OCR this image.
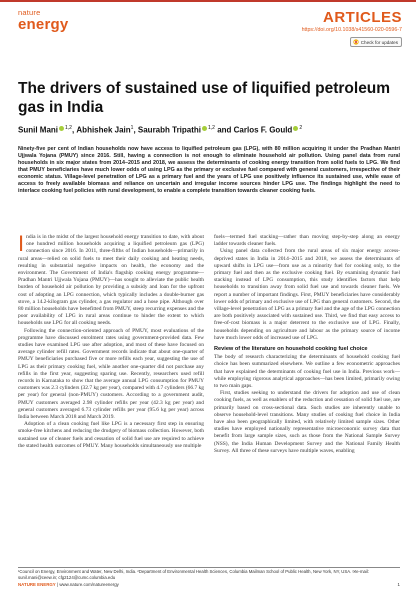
nature
energy	ARTICLES
https://doi.org/10.1038/s41560-020-0596-7
Check for updates
The drivers of sustained use of liquified petroleum gas in India
Sunil Mani $^{1,2}$, Abhishek Jain$^1$, Saurabh Tripathi $^{1,2}$ and Carlos F. Gould $^2$
Ninety-five per cent of Indian households now have access to liquified petroleum gas (LPG), with 80 million acquiring it under the Pradhan Mantri Ujjwala Yojana (PMUY) since 2016. Still, having a connection is not enough to eliminate household air pollution. Using panel data from rural households in six major states from 2014–2015 and 2018, we assess the determinants of cooking energy transition from solid fuels to LPG. We find that PMUY beneficiaries have much lower odds of using LPG as the primary or exclusive fuel compared with general customers, irrespective of their economic status. Village-level penetration of LPG as a primary fuel and the years of LPG use positively influence its sustained use, while ease of access to freely available biomass and reliance on uncertain and irregular income sources hinder LPG use. The findings highlight the need to interlace cooking fuel policies with rural development, to enable a complete transition towards cleaner cooking fuels.

India is in the midst of the largest household energy transition to date, with about one hundred million households acquiring a liquified petroleum gas (LPG) connection since 2016. In 2011, three-fifths of Indian households—primarily in rural areas—relied on solid fuels to meet their daily cooking and heating needs, resulting in substantial negative impacts on health, the economy and the environment. The Government of India's flagship cooking energy programme—Pradhan Mantri Ujjwala Yojana (PMUY)—has sought to alleviate the public health burden of household air pollution by providing a subsidy and loan for the upfront cost of adopting an LPG connection, which typically includes a double-burner gas stove, a 14.2-kilogram gas cylinder, a gas regulator and a hose pipe. Although over 80 million households have benefitted from PMUY, steep recurring expenses and the poor availability of LPG in rural areas continue to hinder the extent to which households use LPG for all cooking needs.

Following the connection-oriented approach of PMUY, most evaluations of the programme have discussed enrolment rates using government-provided data. Few studies have examined LPG use after adoption, and most of these have focused on average cylinder refill rates. Government records indicate that about one-quarter of PMUY beneficiaries purchased five or more refills each year, suggesting the use of LPG as their primary cooking fuel, while another one-quarter did not purchase any refills in the first year, suggesting sparing use. Recently, researchers used refill records in Karnataka to show that the average annual LPG consumption for PMUY customers was 2.3 cylinders (32.7 kg per year), compared with 4.7 cylinders (66.7 kg per year) for general (non-PMUY) customers. According to a government audit, PMUY customers averaged 2.98 cylinder refills per year (42.3 kg per year) and general customers averaged 6.73 cylinder refills per year (95.6 kg per year) across India between March 2018 and March 2019.

Adoption of a clean cooking fuel like LPG is a necessary first step in ensuring smoke-free kitchens and reducing the drudgery of biomass collection. However, both sustained use of cleaner fuels and cessation of solid fuel use are required to achieve the stated health outcomes of PMUY. Many households simultaneously use multiple

fuels—termed fuel stacking—rather than moving step-by-step along an energy ladder towards cleaner fuels.

Using panel data collected from the rural areas of six major energy access-deprived states in India in 2014–2015 and 2018, we assess the determinants of upward shifts in LPG use—from use as a minority fuel for cooking only, to the primary fuel and then as the exclusive cooking fuel. By examining dynamic fuel stacking instead of LPG consumption, this study identifies factors that help households to transition away from solid fuel use and towards cleaner fuels. We report a number of important findings. First, PMUY beneficiaries have considerably lower odds of primary and exclusive use of LPG than general customers. Second, the village-level penetration of LPG as a primary fuel and the age of the LPG connection are both positively associated with sustained use. Third, we find that easy access to free-of-cost biomass is a major deterrent to the exclusive use of LPG. Finally, households depending on agriculture and labour as the primary source of income have much lower odds of increased use of LPG.

Review of the literature on household cooking fuel choice

The body of research characterizing the determinants of household cooking fuel choice has been summarized elsewhere. We outline a few econometric approaches that have explained the determinants of cooking fuel use in India. Previous work—while employing rigorous analytical approaches—has been limited, primarily owing to two main gaps.

First, studies seeking to understand the drivers for adoption and use of clean cooking fuels, as well as enablers of the reduction and cessation of solid fuel use, are primarily based on cross-sectional data. Such studies are inherently unable to observe household-level transitions. Many studies of cooking fuel choice in India have also been geographically limited, with relatively limited sample sizes. Other studies have employed nationally representative microeconomic survey data that benefit from large sample sizes, such as those from the National Sample Survey (NSS), the India Human Development Survey and the National Family Health Survey. All three of these surveys have multiple waves, enabling

¹Council on Energy, Environment and Water, New Delhi, India. ²Department of Environmental Health Sciences, Columbia Mailman School of Public Health, New York, NY, USA. ✉e-mail: sunil.mani@ceew.in; cfg2124@cumc.columbia.edu
NATURE ENERGY | www.nature.com/natureenergy	1
